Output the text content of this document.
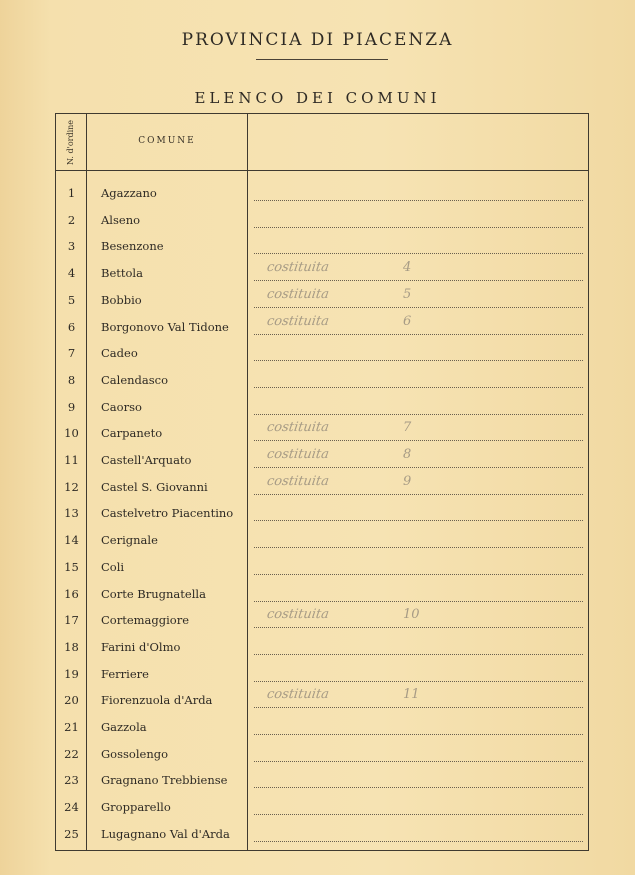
PROVINCIA DI PIACENZA
ELENCO DEI COMUNI
N. d'ordine	COMUNE
1	Agazzano
2	Alseno
3	Besenzone
4	Bettola	costituita	4
5	Bobbio	costituita	5
6	Borgonovo Val Tidone	costituita	6
7	Cadeo
8	Calendasco
9	Caorso
10	Carpaneto	costituita	7
11	Castell'Arquato	costituita	8
12	Castel S. Giovanni	costituita	9
13	Castelvetro Piacentino
14	Cerignale
15	Coli
16	Corte Brugnatella
17	Cortemaggiore	costituita	10
18	Farini d'Olmo
19	Ferriere
20	Fiorenzuola d'Arda	costituita	11
21	Gazzola
22	Gossolengo
23	Gragnano Trebbiense
24	Gropparello
25	Lugagnano Val d'Arda
